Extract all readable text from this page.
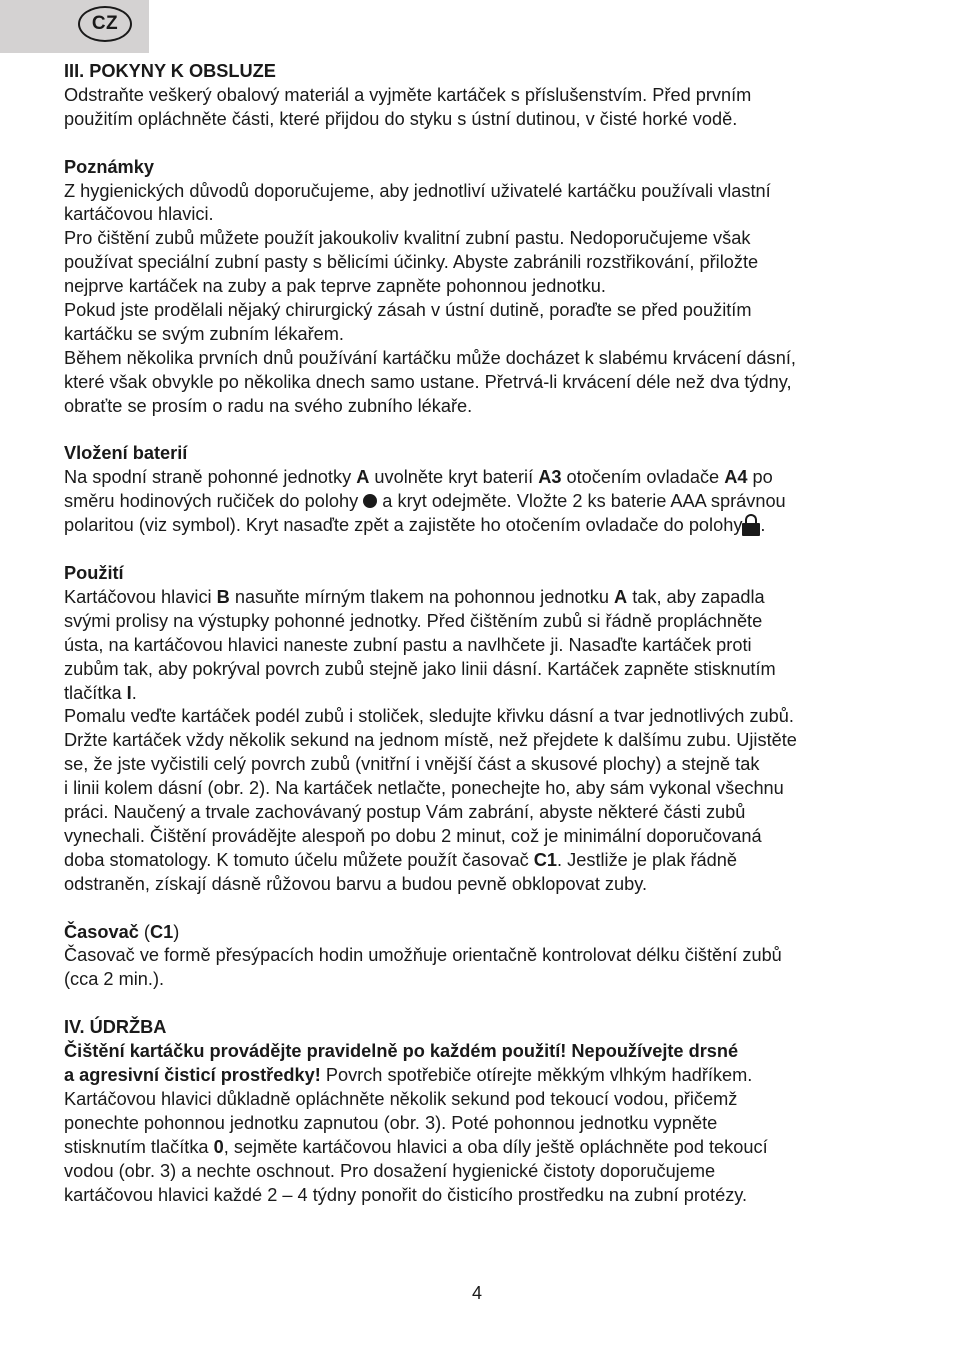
CZ

III. POKYNY K OBSLUZE

Odstraňte veškerý obalový materiál a vyjměte kartáček s příslušenstvím. Před prvním

použitím opláchněte části, které přijdou do styku s ústní dutinou, v čisté horké vodě.

Poznámky

Z hygienických důvodů doporučujeme, aby jednotliví uživatelé kartáčku používali vlastní

kartáčovou hlavici.

Pro čištění zubů můžete použít jakoukoliv kvalitní zubní pastu. Nedoporučujeme však

používat speciální zubní pasty s bělicími účinky. Abyste zabránili rozstřikování, přiložte

nejprve kartáček na zuby a pak teprve zapněte pohonnou jednotku.

Pokud jste prodělali nějaký chirurgický zásah v ústní dutině, poraďte se před použitím

kartáčku se svým zubním lékařem.

Během několika prvních dnů používání kartáčku může docházet k slabému krvácení dásní,

které však obvykle po několika dnech samo ustane. Přetrvá-li krvácení déle než dva týdny,

obraťte se prosím o radu na svého zubního lékaře.

Vložení baterií

Na spodní straně pohonné jednotky A uvolněte kryt baterií A3 otočením ovladače A4 po

směru hodinových ručiček do polohy  a kryt odejměte. Vložte 2 ks baterie AAA správnou

polaritou (viz symbol). Kryt nasaďte zpět a zajistěte ho otočením ovladače do polohy .

Použití

Kartáčovou hlavici B nasuňte mírným tlakem na pohonnou jednotku A tak, aby zapadla

svými prolisy na výstupky pohonné jednotky. Před čištěním zubů si řádně propláchněte

ústa, na kartáčovou hlavici naneste zubní pastu a navlhčete ji. Nasaďte kartáček proti

zubům tak, aby pokrýval povrch zubů stejně jako linii dásní. Kartáček zapněte stisknutím

tlačítka I.

Pomalu veďte kartáček podél zubů i stoliček, sledujte křivku dásní a tvar jednotlivých zubů.

Držte kartáček vždy několik sekund na jednom místě, než přejdete k dalšímu zubu. Ujistěte

se, že jste vyčistili celý povrch zubů (vnitřní i vnější část a skusové plochy) a stejně tak

i linii kolem dásní (obr. 2). Na kartáček netlačte, ponechejte ho, aby sám vykonal všechnu

práci. Naučený a trvale zachovávaný postup Vám zabrání, abyste některé části zubů

vynechali. Čištění provádějte alespoň po dobu 2 minut, což je minimální doporučovaná

doba stomatology. K tomuto účelu můžete použít časovač C1. Jestliže je plak řádně

odstraněn, získají dásně růžovou barvu a budou pevně obklopovat zuby.

Časovač (C1)

Časovač ve formě přesýpacích hodin umožňuje orientačně kontrolovat délku čištění zubů

(cca 2 min.).

IV. ÚDRŽBA

Čištění kartáčku provádějte pravidelně po každém použití! Nepoužívejte drsné

a agresivní čisticí prostředky! Povrch spotřebiče otírejte měkkým vlhkým hadříkem.

Kartáčovou hlavici důkladně opláchněte několik sekund pod tekoucí vodou, přičemž

ponechte pohonnou jednotku zapnutou (obr. 3). Poté pohonnou jednotku vypněte

stisknutím tlačítka 0, sejměte kartáčovou hlavici a oba díly ještě opláchněte pod tekoucí

vodou (obr. 3) a nechte oschnout. Pro dosažení hygienické čistoty doporučujeme

kartáčovou hlavici každé 2 – 4 týdny ponořit do čisticího prostředku na zubní protézy.

4
